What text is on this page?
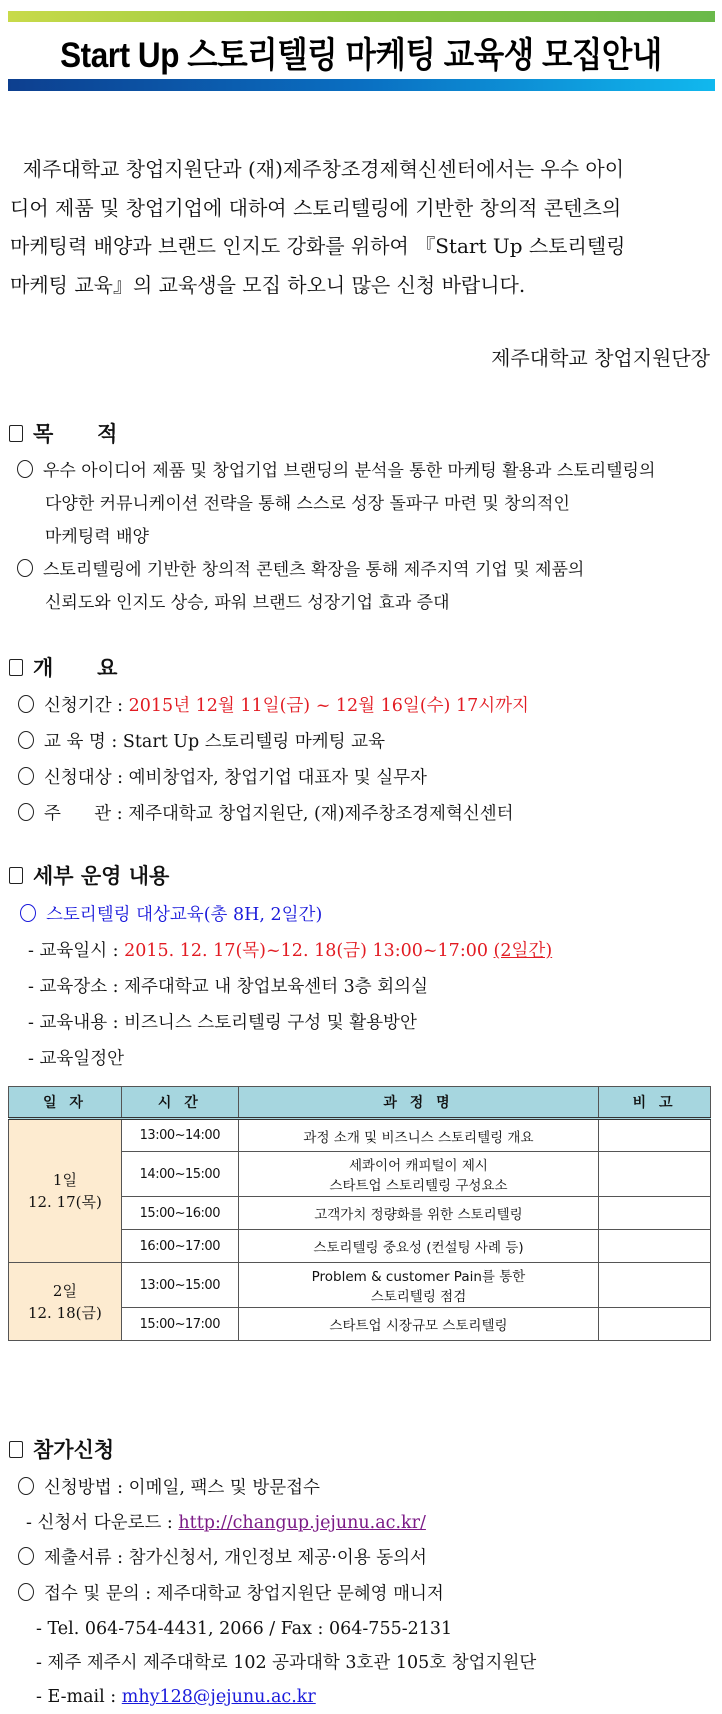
Start Up 스토리텔링 마케팅 교육생 모집안내

제주대학교 창업지원단과 (재)제주창조경제혁신센터에서는 우수 아이

디어 제품 및 창업기업에 대하여 스토리텔링에 기반한 창의적 콘텐츠의

마케팅력 배양과 브랜드 인지도 강화를 위하여 『Start Up 스토리텔링

마케팅 교육』의 교육생을 모집 하오니 많은 신청 바랍니다.

제주대학교 창업지원단장
목      적
우수 아이디어 제품 및 창업기업 브랜딩의 분석을 통한 마케팅 활용과 스토리텔링의
다양한 커뮤니케이션 전략을 통해 스스로 성장 돌파구 마련 및 창의적인
마케팅력 배양
스토리텔링에 기반한 창의적 콘텐츠 확장을 통해 제주지역 기업 및 제품의
신뢰도와 인지도 상승, 파워 브랜드 성장기업 효과 증대
개      요
신청기간 : 2015년 12월 11일(금) ~ 12월 16일(수) 17시까지
교 육 명 : Start Up 스토리텔링 마케팅 교육
신청대상 : 예비창업자, 창업기업 대표자 및 실무자
주      관 : 제주대학교 창업지원단, (재)제주창조경제혁신센터
세부 운영 내용
스토리텔링 대상교육(총 8H, 2일간)
- 교육일시 : 2015. 12. 17(목)~12. 18(금) 13:00~17:00 (2일간)
- 교육장소 : 제주대학교 내 창업보육센터 3층 회의실
- 교육내용 : 비즈니스 스토리텔링 구성 및 활용방안
- 교육일정안
일 자	시 간	과 정 명	비 고

1일
12. 17(목)	13:00~14:00	과정 소개 및 비즈니스 스토리텔링 개요	
	14:00~15:00	세콰이어 캐피털이 제시
스타트업 스토리텔링 구성요소	

	15:00~16:00	고객가치 정량화를 위한 스토리텔링	
	16:00~17:00	스토리텔링 중요성 (컨설팅 사례 등)	

2일
12. 18(금)
	13:00~15:00	Problem & customer Pain를 통한
스토리텔링 점검

	15:00~17:00	스타트업 시장규모 스토리텔링	
참가신청
신청방법 : 이메일, 팩스 및 방문접수
- 신청서 다운로드 : http://changup.jejunu.ac.kr/
제출서류 : 참가신청서, 개인정보 제공·이용 동의서
접수 및 문의 : 제주대학교 창업지원단 문혜영 매니저
- Tel. 064-754-4431, 2066 / Fax : 064-755-2131
- 제주 제주시 제주대학로 102 공과대학 3호관 105호 창업지원단
- E-mail : mhy128@jejunu.ac.kr
